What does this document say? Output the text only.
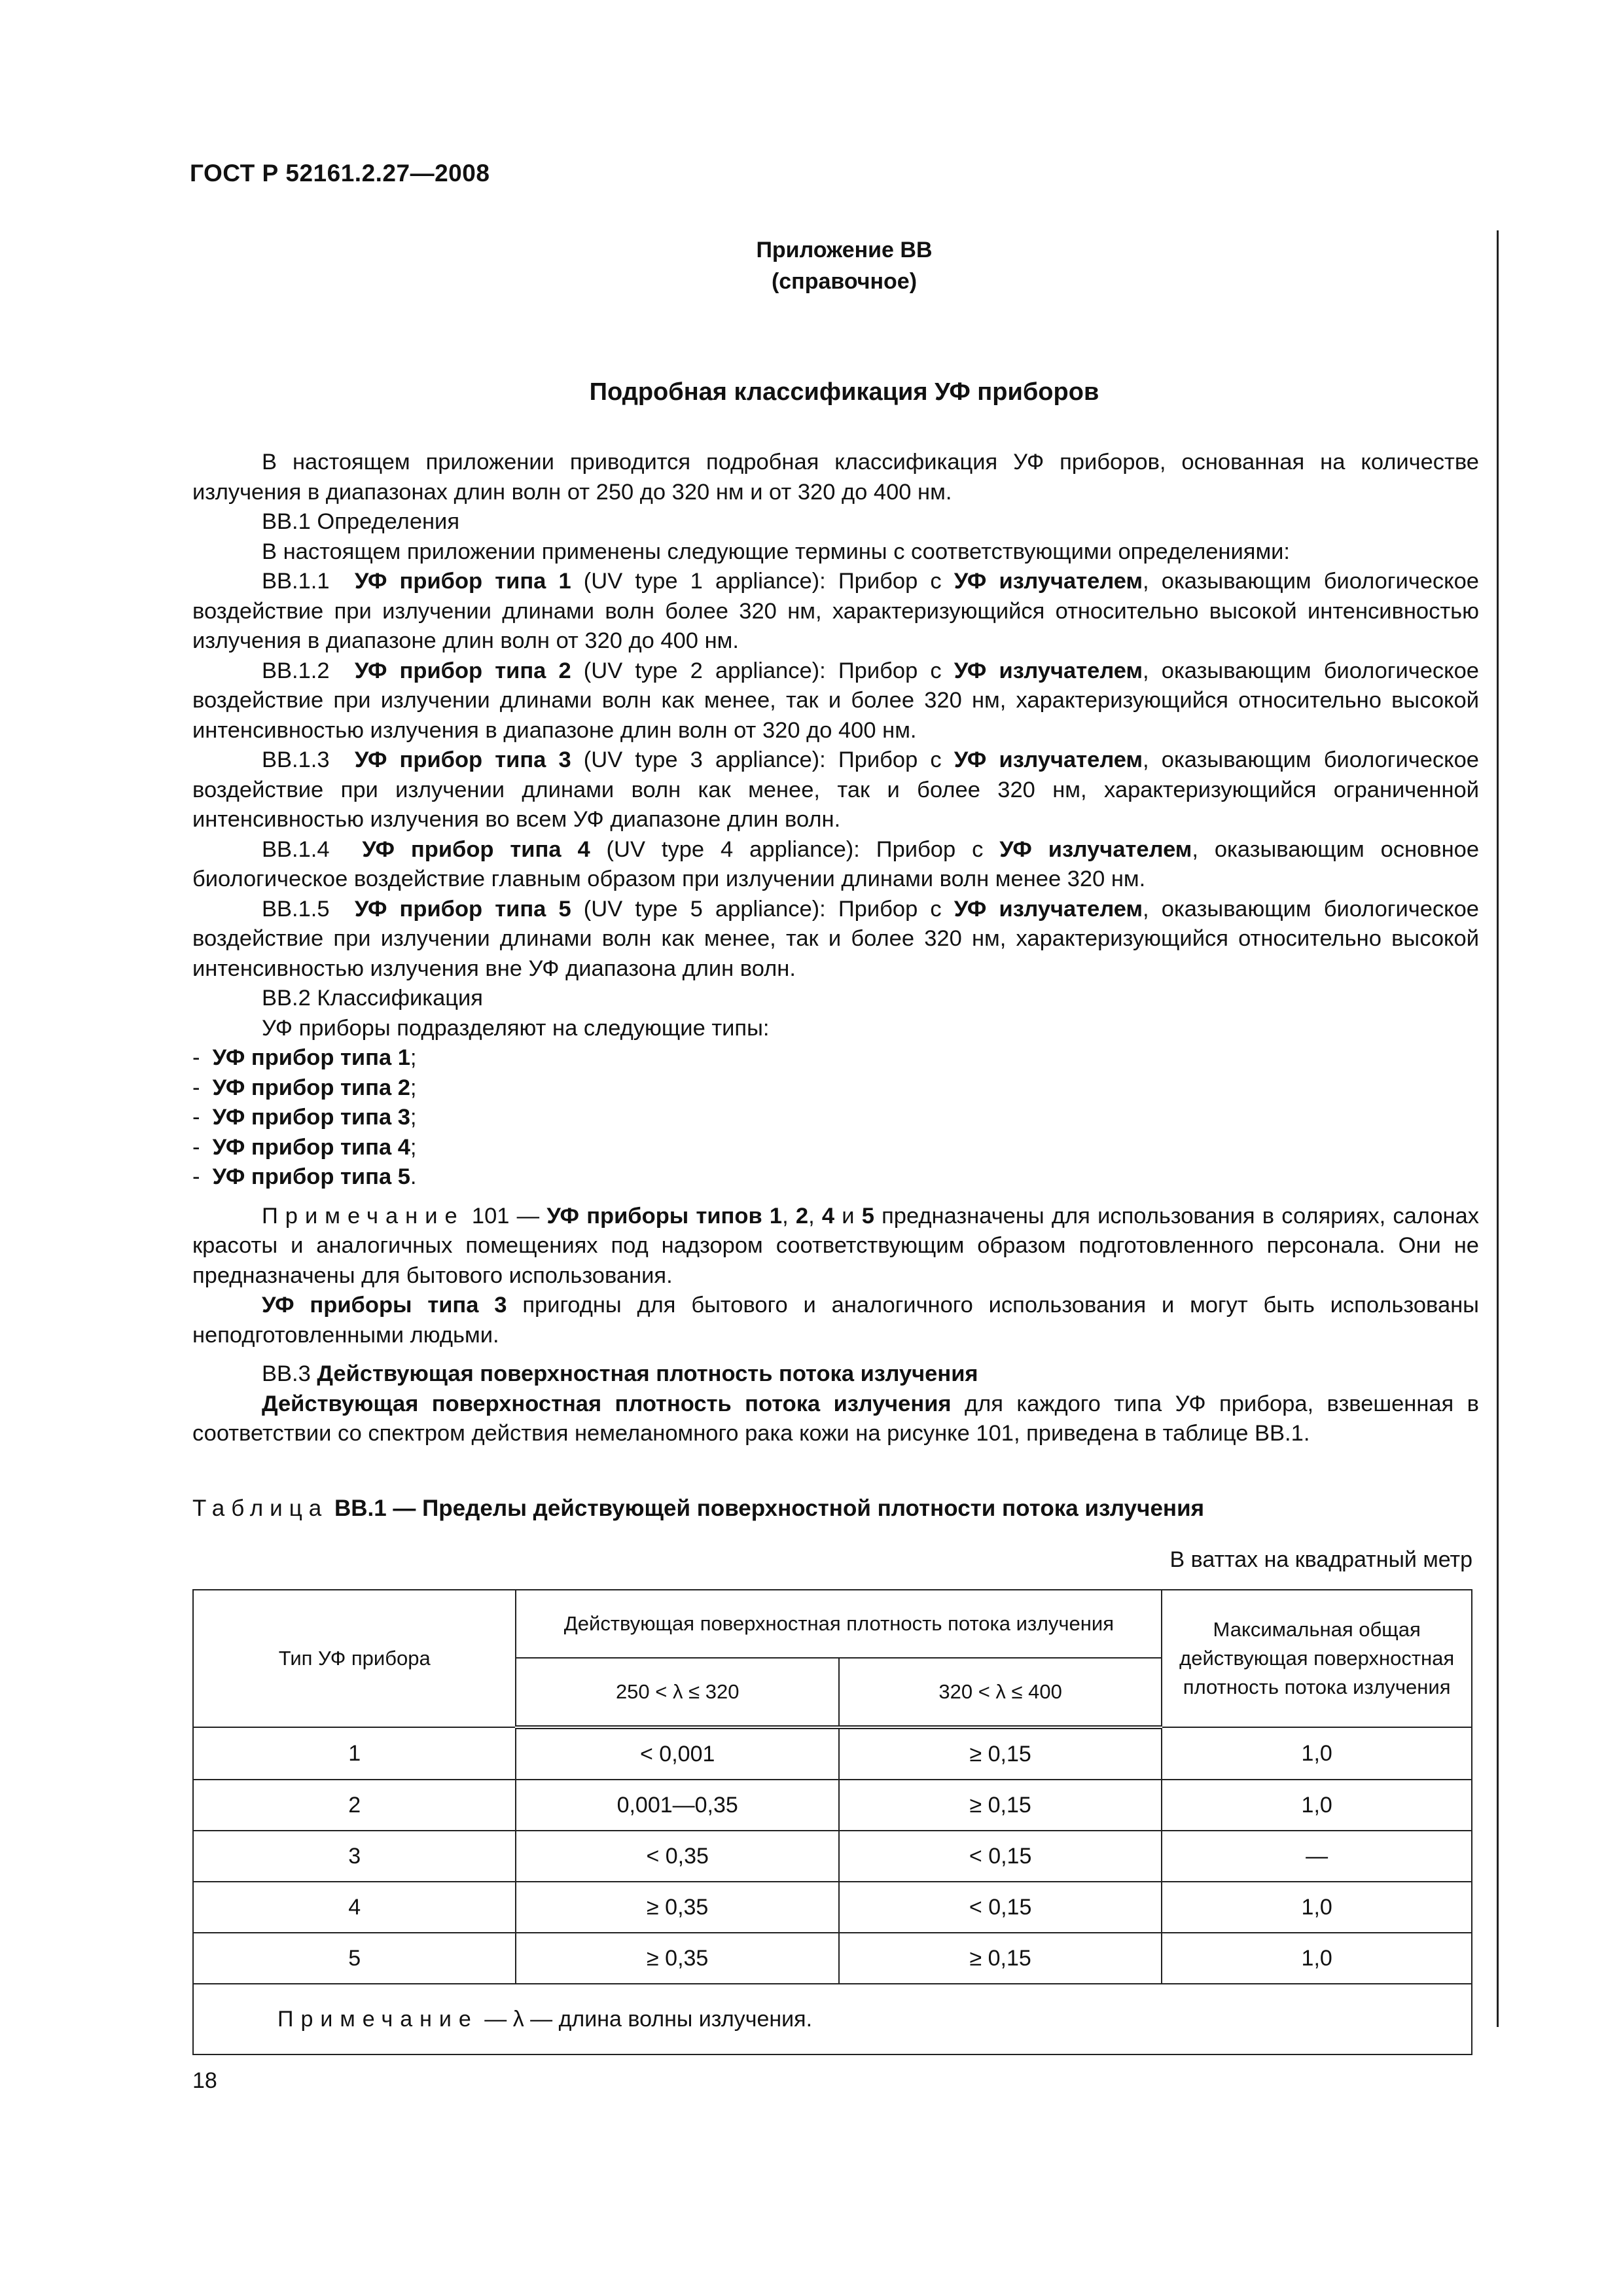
ГОСТ Р 52161.2.27—2008
Приложение ВВ
(справочное)
Подробная классификация УФ приборов

В настоящем приложении приводится подробная классификация УФ приборов, основанная на количестве излучения в диапазонах длин волн от 250 до 320 нм и от 320 до 400 нм.

ВВ.1 Определения

В настоящем приложении применены следующие термины с соответствующими определениями:

ВВ.1.1 УФ прибор типа 1 (UV type 1 appliance): Прибор с УФ излучателем, оказывающим биологическое воздействие при излучении длинами волн более 320 нм, характеризующийся относительно высокой интенсивностью излучения в диапазоне длин волн от 320 до 400 нм.

ВВ.1.2 УФ прибор типа 2 (UV type 2 appliance): Прибор с УФ излучателем, оказывающим биологическое воздействие при излучении длинами волн как менее, так и более 320 нм, характеризующийся относительно высокой интенсивностью излучения в диапазоне длин волн от 320 до 400 нм.

ВВ.1.3 УФ прибор типа 3 (UV type 3 appliance): Прибор с УФ излучателем, оказывающим биологическое воздействие при излучении длинами волн как менее, так и более 320 нм, характеризующийся ограниченной интенсивностью излучения во всем УФ диапазоне длин волн.

ВВ.1.4 УФ прибор типа 4 (UV type 4 appliance): Прибор с УФ излучателем, оказывающим основное биологическое воздействие главным образом при излучении длинами волн менее 320 нм.

ВВ.1.5 УФ прибор типа 5 (UV type 5 appliance): Прибор с УФ излучателем, оказывающим биологическое воздействие при излучении длинами волн как менее, так и более 320 нм, характеризующийся относительно высокой интенсивностью излучения вне УФ диапазона длин волн.

ВВ.2 Классификация

УФ приборы подразделяют на следующие типы:

- УФ прибор типа 1;

- УФ прибор типа 2;

- УФ прибор типа 3;

- УФ прибор типа 4;

- УФ прибор типа 5.

Примечание 101 — УФ приборы типов 1, 2, 4 и 5 предназначены для использования в соляриях, салонах красоты и аналогичных помещениях под надзором соответствующим образом подготовленного персонала. Они не предназначены для бытового использования.

УФ приборы типа 3 пригодны для бытового и аналогичного использования и могут быть использованы неподготовленными людьми.

ВВ.3 Действующая поверхностная плотность потока излучения

Действующая поверхностная плотность потока излучения для каждого типа УФ прибора, взвешенная в соответствии со спектром действия немеланомного рака кожи на рисунке 101, приведена в таблице ВВ.1.

Таблица ВВ.1 — Пределы действующей поверхностной плотности потока излучения
В ваттах на квадратный метр
Тип УФ прибора	Действующая поверхностная плотность потока излучения		Максимальная общая
действующая поверхностная
плотность потока излучения

	250 < λ ≤ 320	320 < λ ≤ 400	
1	< 0,001	≥ 0,15	1,0
2	0,001—0,35	≥ 0,15	1,0
3	< 0,35	< 0,15	—
4	≥ 0,35	< 0,15	1,0
5	≥ 0,35	≥ 0,15	1,0
Примечание — λ — длина волны излучения.			
18
